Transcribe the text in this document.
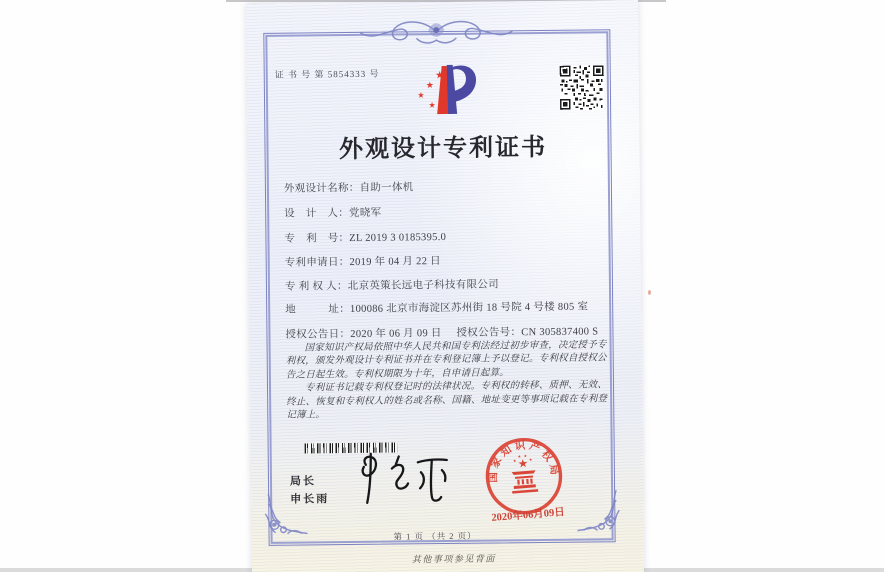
证 书 号 第 5854333 号
外观设计专利证书
外观设计名称：自助一体机
设　计　人：党晓军
专　利　号：ZL 2019 3 0185395.0
专利申请日：2019 年 04 月 22 日
专 利 权 人：北京英策长远电子科技有限公司
地　　　址：100086 北京市海淀区苏州街 18 号院 4 号楼 805 室
授权公告日：2020 年 06 月 09 日 授权公告号：CN 305837400 S

国家知识产权局依照中华人民共和国专利法经过初步审查，决定授予专利权，颁发外观设计专利证书并在专利登记簿上予以登记。专利权自授权公告之日起生效。专利权期限为十年，自申请日起算。

专利证书记载专利权登记时的法律状况。专利权的转移、质押、无效、终止、恢复和专利权人的姓名或名称、国籍、地址变更等事项记载在专利登记簿上。

局长
申长雨
国家知识产权局
2020年06月09日
第 1 页 （共 2 页）
其他事项参见背面
